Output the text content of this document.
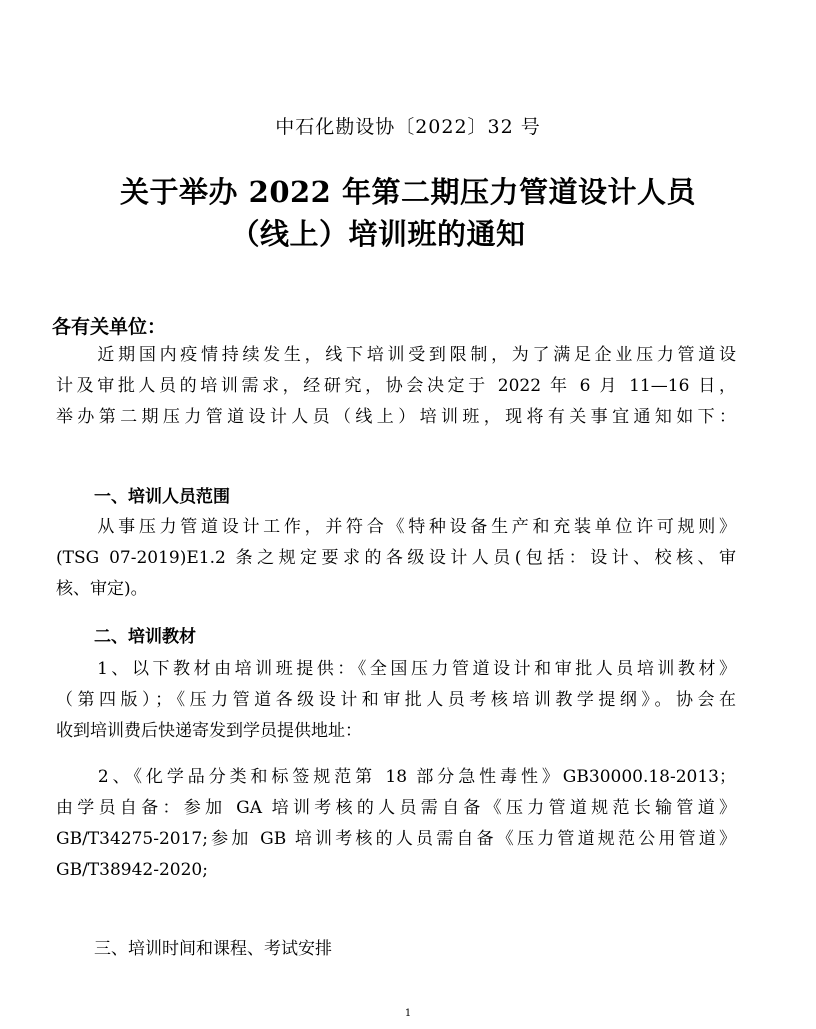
中石化勘设协〔2022〕32 号
关于举办 2022 年第二期压力管道设计人员
（线上）培训班的通知
各有关单位：
　　近期国内疫情持续发生，线下培训受到限制，为了满足企业压力管道设
计及审批人员的培训需求，经研究，协会决定于 2022 年 6 月 11—16 日，
举办第二期压力管道设计人员（线上）培训班，现将有关事宜通知如下：
一、培训人员范围
　　从事压力管道设计工作，并符合《特种设备生产和充装单位许可规则》
(TSG 07-2019)E1.2 条之规定要求的各级设计人员(包括：设计、校核、审
核、审定)。
二、培训教材
　　1、以下教材由培训班提供：《全国压力管道设计和审批人员培训教材》
（第四版）；《压力管道各级设计和审批人员考核培训教学提纲》。协会在
收到培训费后快递寄发到学员提供地址：
　　2、《化学品分类和标签规范第 18 部分急性毒性》GB30000.18-2013；
由学员自备：参加 GA 培训考核的人员需自备《压力管道规范长输管道》
GB/T34275-2017;参加 GB 培训考核的人员需自备《压力管道规范公用管道》
GB/T38942-2020;
三、培训时间和课程、考试安排
1
